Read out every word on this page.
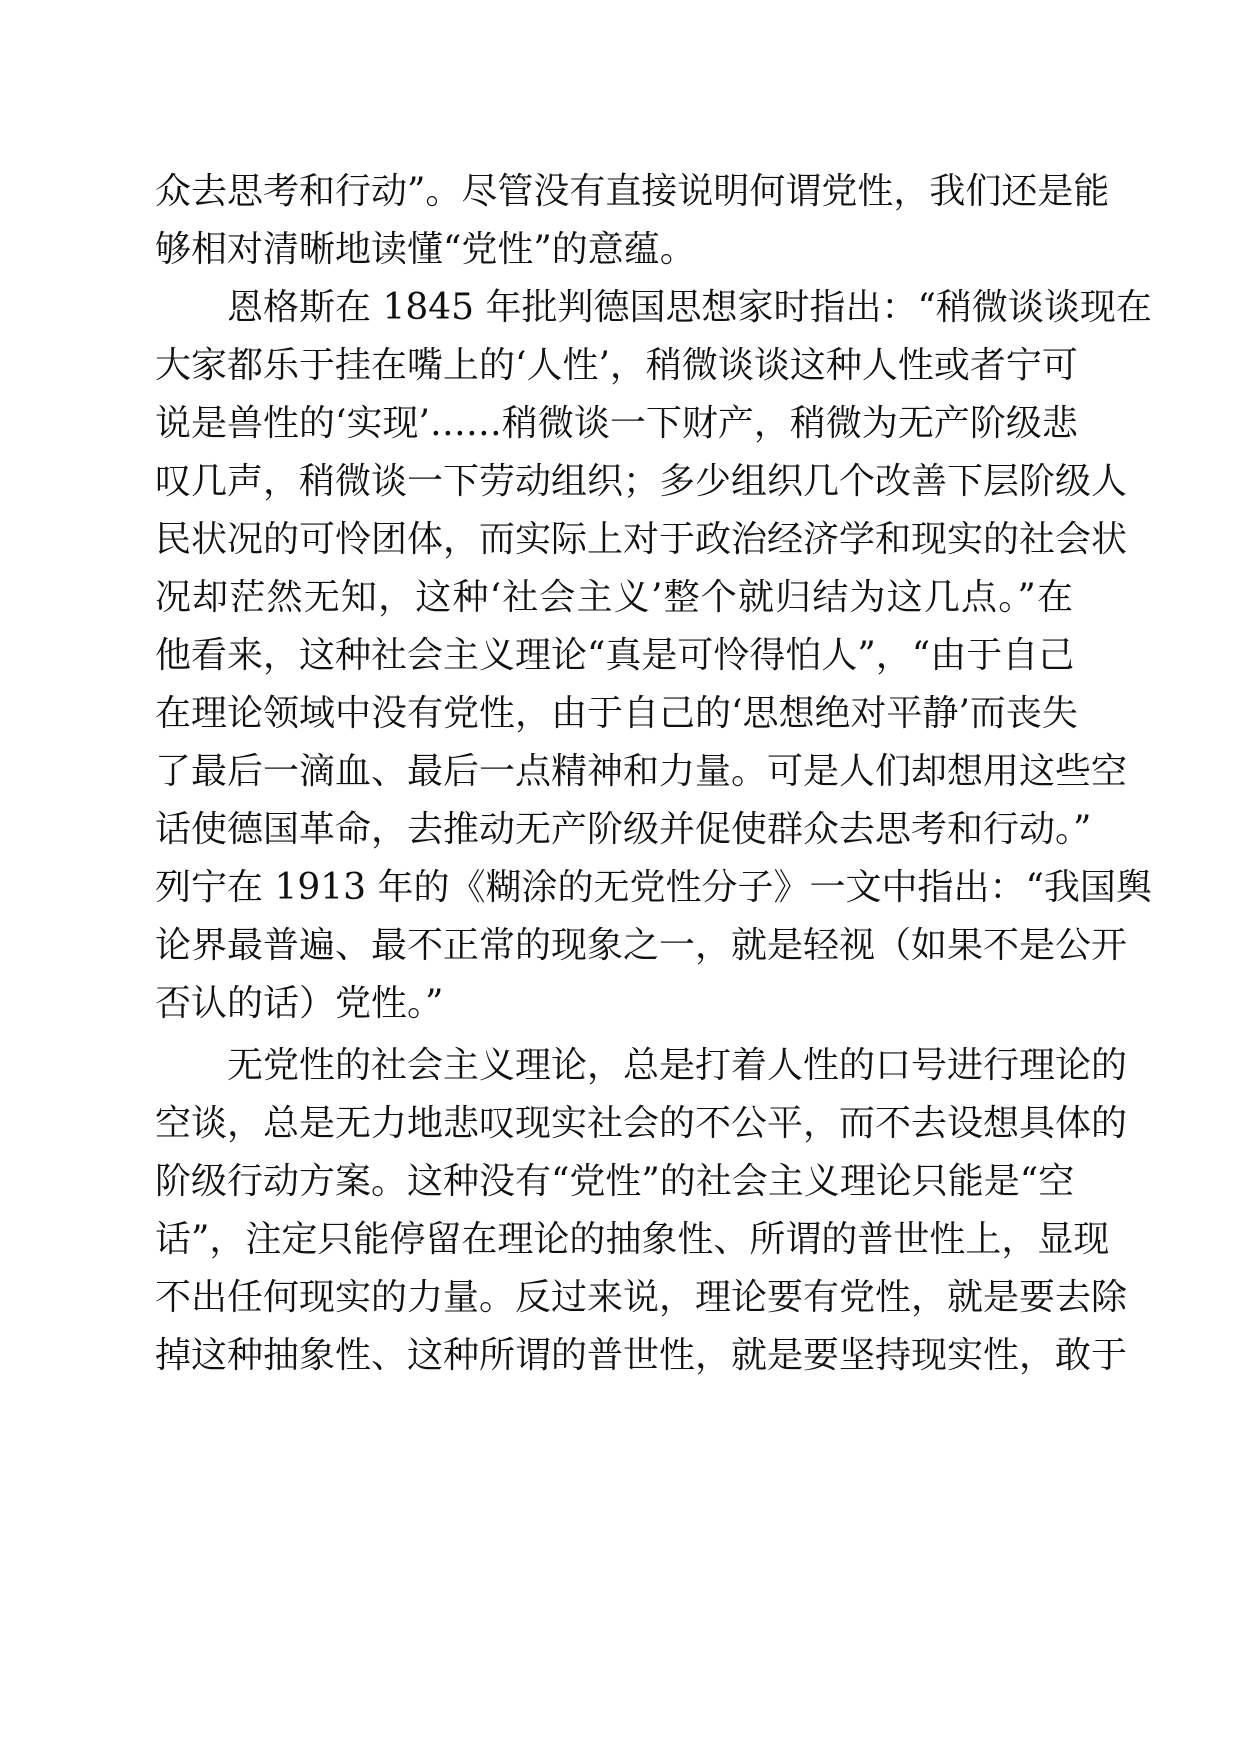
众去思考和行动”。尽管没有直接说明何谓党性，我们还是能
够相对清晰地读懂“党性”的意蕴。
恩格斯在 1845 年批判德国思想家时指出：“稍微谈谈现在
大家都乐于挂在嘴上的‘人性’，稍微谈谈这种人性或者宁可
说是兽性的‘实现’……稍微谈一下财产，稍微为无产阶级悲
叹几声，稍微谈一下劳动组织；多少组织几个改善下层阶级人
民状况的可怜团体，而实际上对于政治经济学和现实的社会状
况却茫然无知，这种‘社会主义’整个就归结为这几点。”在
他看来，这种社会主义理论“真是可怜得怕人”，“由于自己
在理论领域中没有党性，由于自己的‘思想绝对平静’而丧失
了最后一滴血、最后一点精神和力量。可是人们却想用这些空
话使德国革命，去推动无产阶级并促使群众去思考和行动。”
列宁在 1913 年的《糊涂的无党性分子》一文中指出：“我国舆
论界最普遍、最不正常的现象之一，就是轻视（如果不是公开
否认的话）党性。”
无党性的社会主义理论，总是打着人性的口号进行理论的
空谈，总是无力地悲叹现实社会的不公平，而不去设想具体的
阶级行动方案。这种没有“党性”的社会主义理论只能是“空
话”，注定只能停留在理论的抽象性、所谓的普世性上，显现
不出任何现实的力量。反过来说，理论要有党性，就是要去除
掉这种抽象性、这种所谓的普世性，就是要坚持现实性，敢于
